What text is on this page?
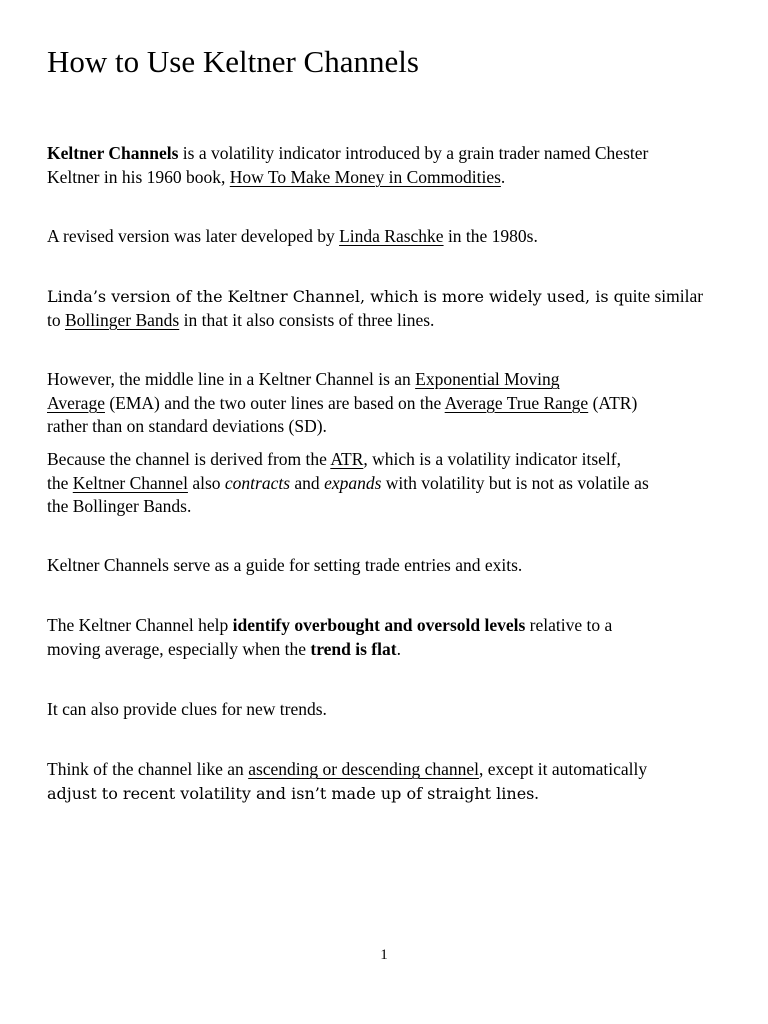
How to Use Keltner Channels

Keltner Channels is a volatility indicator introduced by a grain trader named Chester
Keltner in his 1960 book, How To Make Money in Commodities.

A revised version was later developed by Linda Raschke in the 1980s.

Linda’s version of the Keltner Channel, which is more widely used, is quite similar
to Bollinger Bands in that it also consists of three lines.

However, the middle line in a Keltner Channel is an Exponential Moving
Average (EMA) and the two outer lines are based on the Average True Range (ATR)
rather than on standard deviations (SD).

Because the channel is derived from the ATR, which is a volatility indicator itself,
the Keltner Channel also contracts and expands with volatility but is not as volatile as
the Bollinger Bands.

Keltner Channels serve as a guide for setting trade entries and exits.

The Keltner Channel help identify overbought and oversold levels relative to a
moving average, especially when the trend is flat.

It can also provide clues for new trends.

Think of the channel like an ascending or descending channel, except it automatically
adjust to recent volatility and isn’t made up of straight lines.

1
